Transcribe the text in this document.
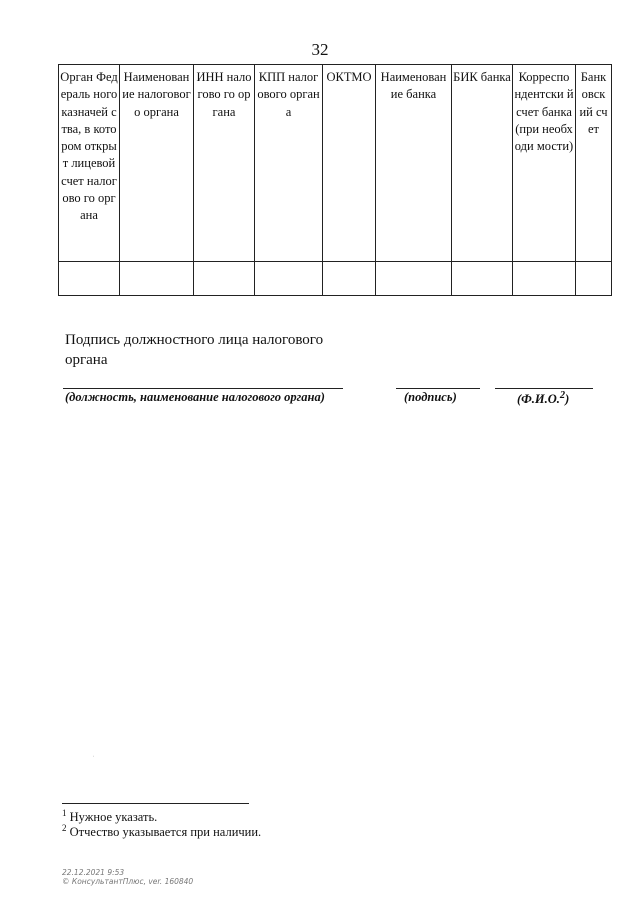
32
Орган Федераль ного казначей ства, в котором открыт лицевой счет налогово го органа	Наименован ие налогового органа	ИНН налогово го органа	КПП налогового органа	ОКТМО	Наименован ие банка	БИК банка	Корреспо ндентски й счет банка (при необходи мости)	Банк овск ий счет

Подпись должностного лица налогового органа
(должность, наименование налогового органа)	(подпись)	(Ф.И.О.$^2$)
ˌ
$^1$ Нужное указать.
$^2$ Отчество указывается при наличии.
22.12.2021 9:53
© КонсультантПлюс, ver. 160840
